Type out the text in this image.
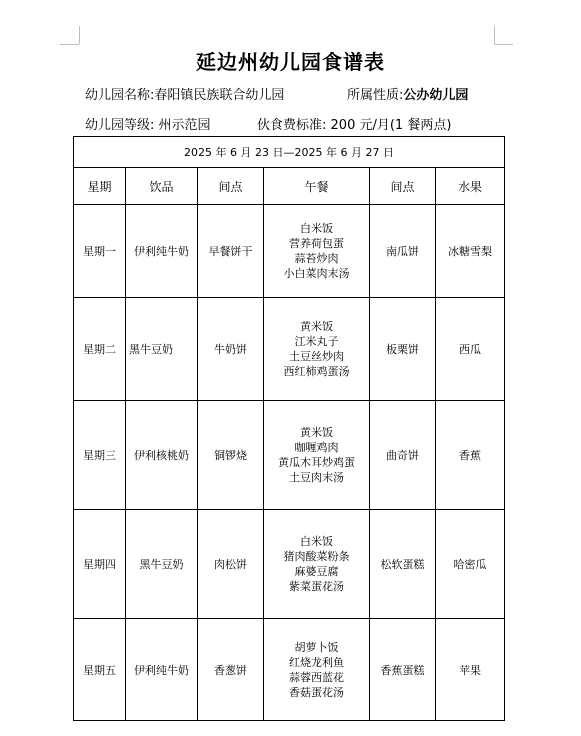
延边州幼儿园食谱表
幼儿园名称:春阳镇民族联合幼儿园	所属性质:公办幼儿园
幼儿园等级: 州示范园	伙食费标准: 200 元/月(1 餐两点)
2025 年 6 月 23 日—2025 年 6 月 27 日					
星期	饮品	间点	午餐	间点	水果
星期一	伊利纯牛奶	早餐饼干	白米饭
营养荷包蛋
蒜苔炒肉
小白菜肉末汤	南瓜饼	冰糖雪梨
星期二	黑牛豆奶	牛奶饼	黄米饭
江米丸子
土豆丝炒肉
西红柿鸡蛋汤	板栗饼	西瓜
星期三	伊利核桃奶	铜锣烧	黄米饭
咖喱鸡肉
黄瓜木耳炒鸡蛋
土豆肉末汤	曲奇饼	香蕉
星期四	黑牛豆奶	肉松饼	白米饭
猪肉酸菜粉条
麻婆豆腐
紫菜蛋花汤	松软蛋糕	哈密瓜
星期五	伊利纯牛奶	香葱饼	胡萝卜饭
红烧龙利鱼
蒜蓉西蓝花
香菇蛋花汤	香蕉蛋糕	苹果
